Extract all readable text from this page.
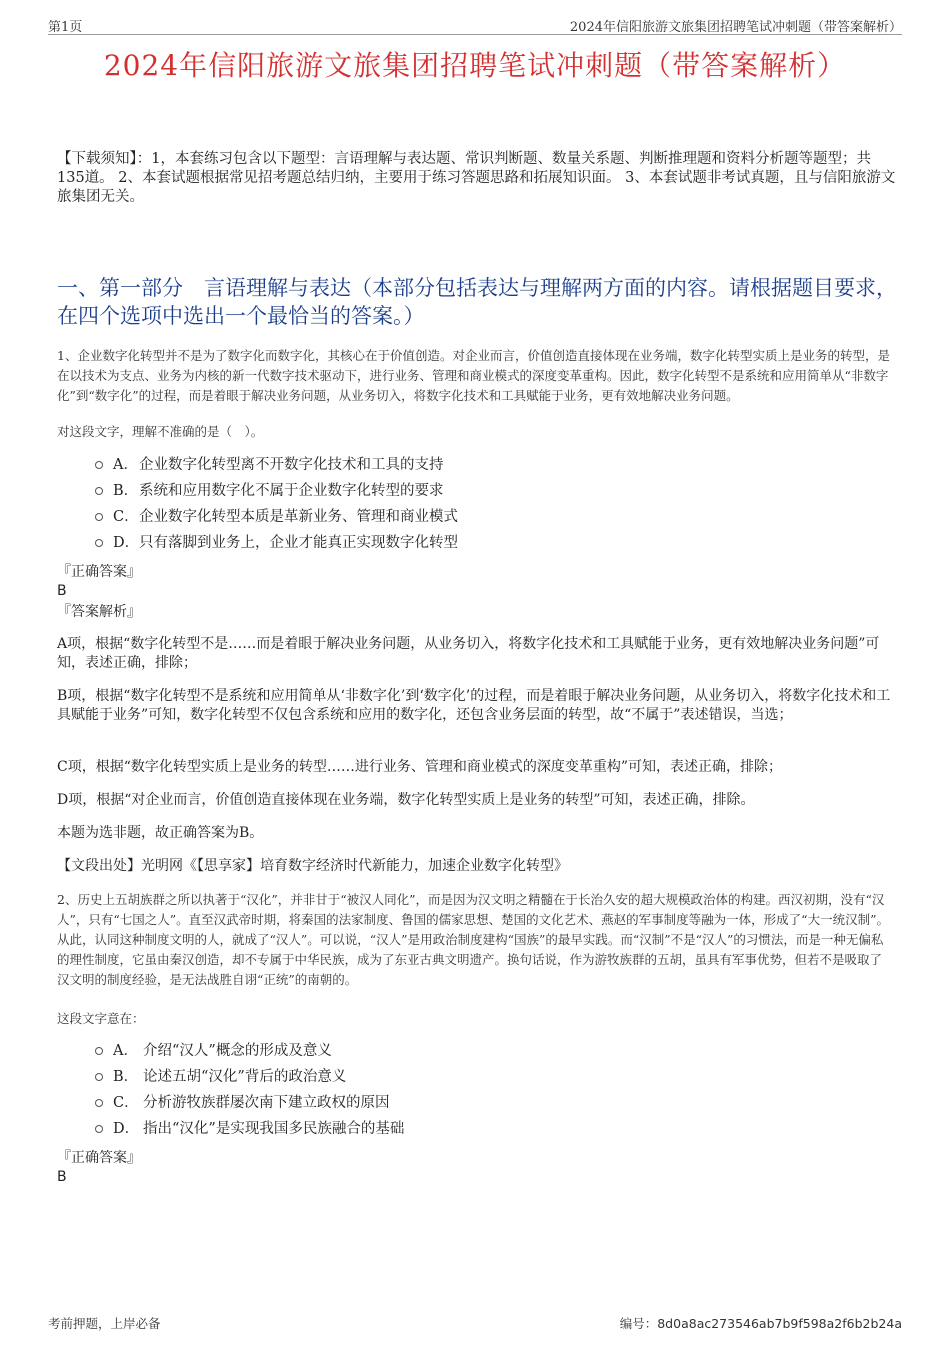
第1页	2024年信阳旅游文旅集团招聘笔试冲刺题（带答案解析）
2024年信阳旅游文旅集团招聘笔试冲刺题（带答案解析）
【下载须知】：1，本套练习包含以下题型：言语理解与表达题、常识判断题、数量关系题、判断推理题和资料分析题等题型；共135道。 2、本套试题根据常见招考题总结归纳，主要用于练习答题思路和拓展知识面。 3、本套试题非考试真题，且与信阳旅游文旅集团无关。
一、第一部分　言语理解与表达（本部分包括表达与理解两方面的内容。请根据题目要求，在四个选项中选出一个最恰当的答案。）
1、企业数字化转型并不是为了数字化而数字化，其核心在于价值创造。对企业而言，价值创造直接体现在业务端，数字化转型实质上是业务的转型，是在以技术为支点、业务为内核的新一代数字技术驱动下，进行业务、管理和商业模式的深度变革重构。因此，数字化转型不是系统和应用简单从“非数字化”到“数字化”的过程，而是着眼于解决业务问题，从业务切入，将数字化技术和工具赋能于业务，更有效地解决业务问题。
对这段文字，理解不准确的是（　）。
A． 企业数字化转型离不开数字化技术和工具的支持
B． 系统和应用数字化不属于企业数字化转型的要求
C． 企业数字化转型本质是革新业务、管理和商业模式
D． 只有落脚到业务上，企业才能真正实现数字化转型
『正确答案』
B
『答案解析』
A项，根据“数字化转型不是……而是着眼于解决业务问题，从业务切入，将数字化技术和工具赋能于业务，更有效地解决业务问题”可知，表述正确，排除；
B项，根据“数字化转型不是系统和应用简单从‘非数字化’到‘数字化’的过程，而是着眼于解决业务问题，从业务切入，将数字化技术和工具赋能于业务”可知，数字化转型不仅包含系统和应用的数字化，还包含业务层面的转型，故“不属于”表述错误，当选；
C项，根据“数字化转型实质上是业务的转型……进行业务、管理和商业模式的深度变革重构”可知，表述正确，排除；
D项，根据“对企业而言，价值创造直接体现在业务端，数字化转型实质上是业务的转型”可知，表述正确，排除。
本题为选非题，故正确答案为B。
【文段出处】光明网《【思享家】培育数字经济时代新能力，加速企业数字化转型》
2、历史上五胡族群之所以执著于“汉化”，并非甘于“被汉人同化”，而是因为汉文明之精髓在于长治久安的超大规模政治体的构建。西汉初期，没有“汉人”，只有“七国之人”。直至汉武帝时期，将秦国的法家制度、鲁国的儒家思想、楚国的文化艺术、燕赵的军事制度等融为一体，形成了“大一统汉制”。从此，认同这种制度文明的人，就成了“汉人”。可以说，“汉人”是用政治制度建构“国族”的最早实践。而“汉制”不是“汉人”的习惯法，而是一种无偏私的理性制度，它虽由秦汉创造，却不专属于中华民族，成为了东亚古典文明遗产。换句话说，作为游牧族群的五胡，虽具有军事优势，但若不是吸取了汉文明的制度经验，是无法战胜自诩“正统”的南朝的。
这段文字意在：
A． 介绍“汉人”概念的形成及意义
B． 论述五胡“汉化”背后的政治意义
C． 分析游牧族群屡次南下建立政权的原因
D． 指出“汉化”是实现我国多民族融合的基础
『正确答案』
B
考前押题，上岸必备	编号：8d0a8ac273546ab7b9f598a2f6b2b24a
